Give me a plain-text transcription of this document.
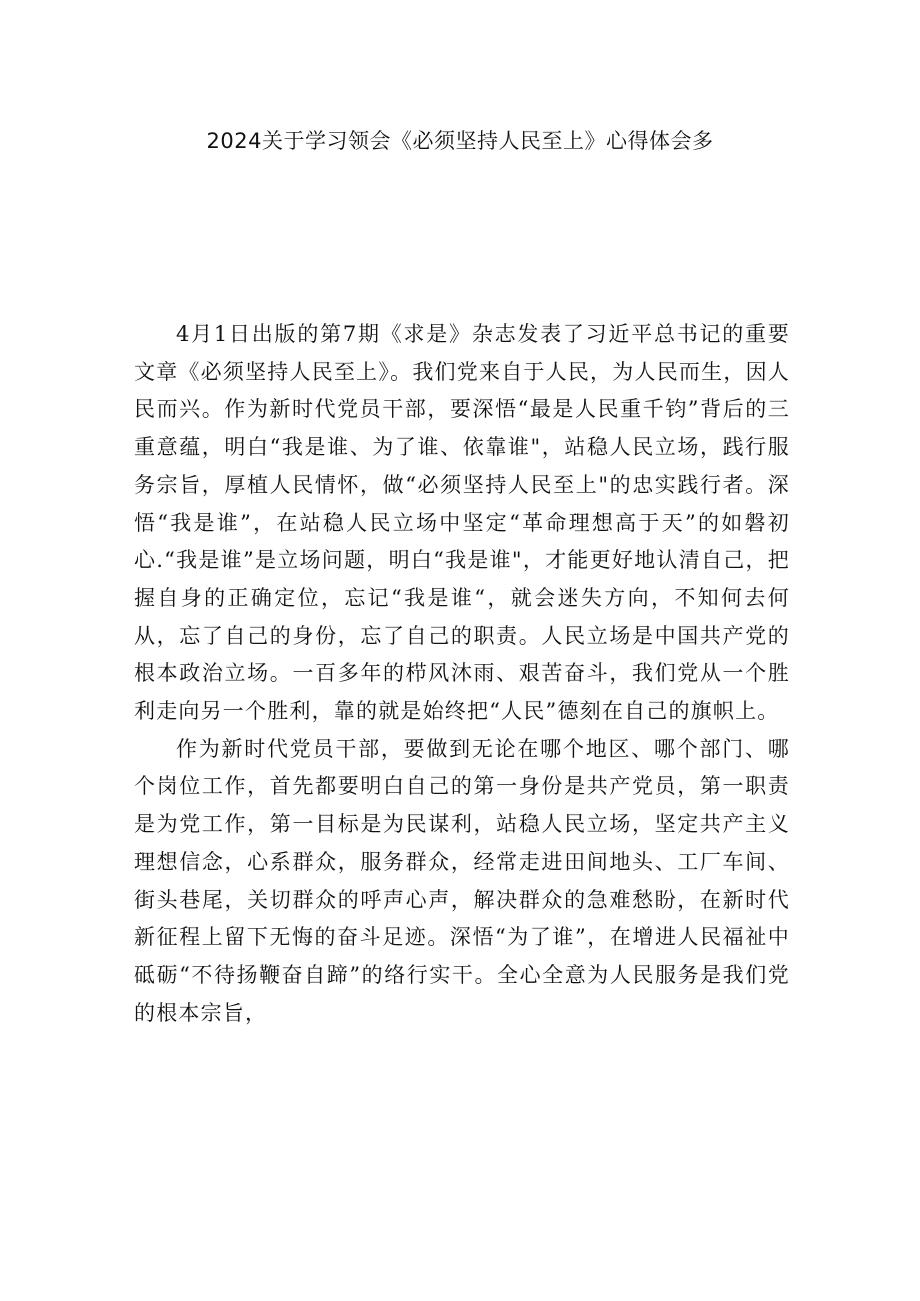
2024关于学习领会《必须坚持人民至上》心得体会多

4月1日出版的第7期《求是》杂志发表了习近平总书记的重要文章《必须坚持人民至上》。我们党来自于人民，为人民而生，因人民而兴。作为新时代党员干部，要深悟“最是人民重千钧”背后的三重意蕴，明白“我是谁、为了谁、依靠谁"，站稳人民立场，践行服务宗旨，厚植人民情怀，做“必须坚持人民至上"的忠实践行者。深悟“我是谁”，在站稳人民立场中坚定“革命理想高于天”的如磐初心.“我是谁”是立场问题，明白“我是谁"，才能更好地认清自己，把握自身的正确定位，忘记“我是谁“，就会迷失方向，不知何去何从，忘了自己的身份，忘了自己的职责。人民立场是中国共产党的根本政治立场。一百多年的栉风沐雨、艰苦奋斗，我们党从一个胜利走向另一个胜利，靠的就是始终把“人民”德刻在自己的旗帜上。

作为新时代党员干部，要做到无论在哪个地区、哪个部门、哪个岗位工作，首先都要明白自己的第一身份是共产党员，第一职责是为党工作，第一目标是为民谋利，站稳人民立场，坚定共产主义理想信念，心系群众，服务群众，经常走进田间地头、工厂车间、街头巷尾，关切群众的呼声心声，解决群众的急难愁盼，在新时代新征程上留下无悔的奋斗足迹。深悟“为了谁”，在增进人民福祉中砥砺“不待扬鞭奋自蹄”的络行实干。全心全意为人民服务是我们党的根本宗旨，
